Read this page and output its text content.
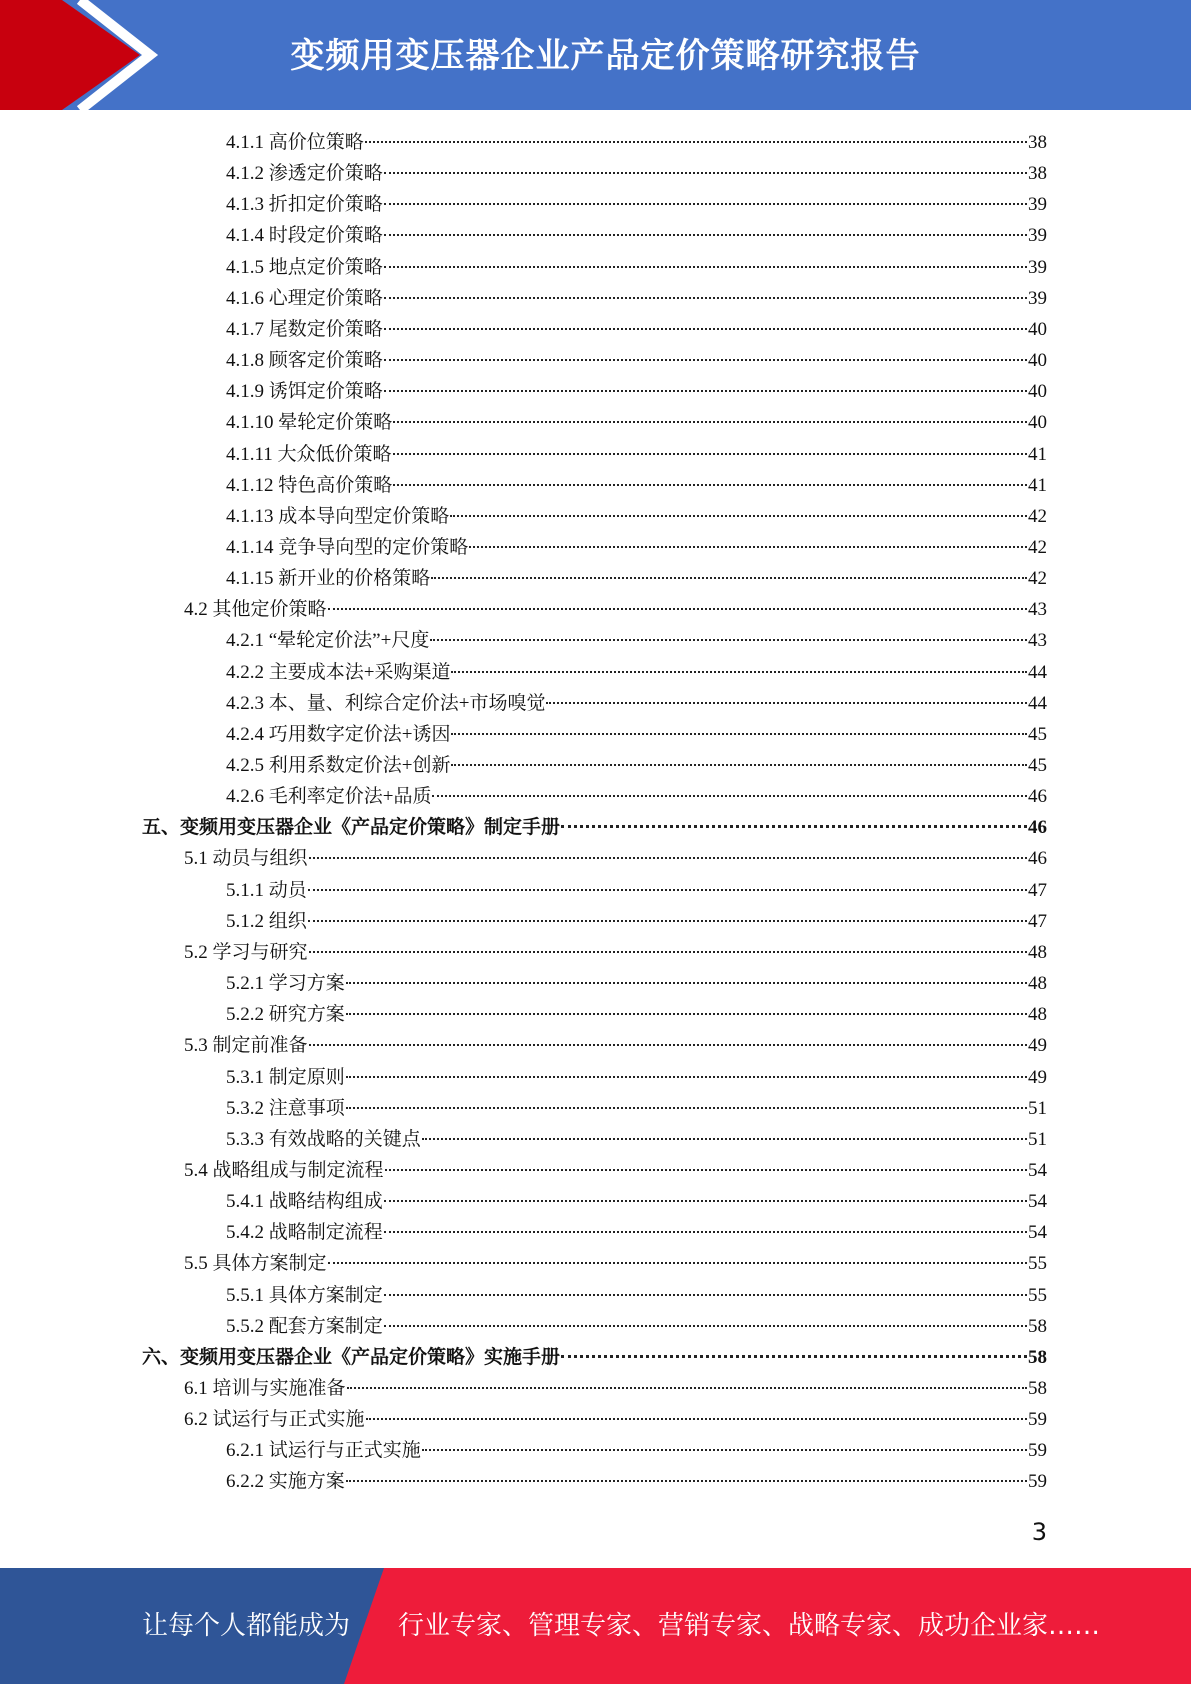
变频用变压器企业产品定价策略研究报告
4.1.1 高价位策略	38
4.1.2 渗透定价策略	38
4.1.3 折扣定价策略	39
4.1.4 时段定价策略	39
4.1.5 地点定价策略	39
4.1.6 心理定价策略	39
4.1.7 尾数定价策略	40
4.1.8 顾客定价策略	40
4.1.9 诱饵定价策略	40
4.1.10 晕轮定价策略	40
4.1.11 大众低价策略	41
4.1.12 特色高价策略	41
4.1.13 成本导向型定价策略	42
4.1.14 竞争导向型的定价策略	42
4.1.15 新开业的价格策略	42
4.2 其他定价策略	43
4.2.1 “晕轮定价法”+尺度	43
4.2.2 主要成本法+采购渠道	44
4.2.3 本、量、利综合定价法+市场嗅觉	44
4.2.4 巧用数字定价法+诱因	45
4.2.5 利用系数定价法+创新	45
4.2.6 毛利率定价法+品质	46
五、变频用变压器企业《产品定价策略》制定手册	46
5.1 动员与组织	46
5.1.1 动员	47
5.1.2 组织	47
5.2 学习与研究	48
5.2.1 学习方案	48
5.2.2 研究方案	48
5.3 制定前准备	49
5.3.1 制定原则	49
5.3.2 注意事项	51
5.3.3 有效战略的关键点	51
5.4 战略组成与制定流程	54
5.4.1 战略结构组成	54
5.4.2 战略制定流程	54
5.5 具体方案制定	55
5.5.1 具体方案制定	55
5.5.2 配套方案制定	58
六、变频用变压器企业《产品定价策略》实施手册	58
6.1 培训与实施准备	58
6.2 试运行与正式实施	59
6.2.1 试运行与正式实施	59
6.2.2 实施方案	59
3
让每个人都能成为 行业专家、管理专家、营销专家、战略专家、成功企业家……
